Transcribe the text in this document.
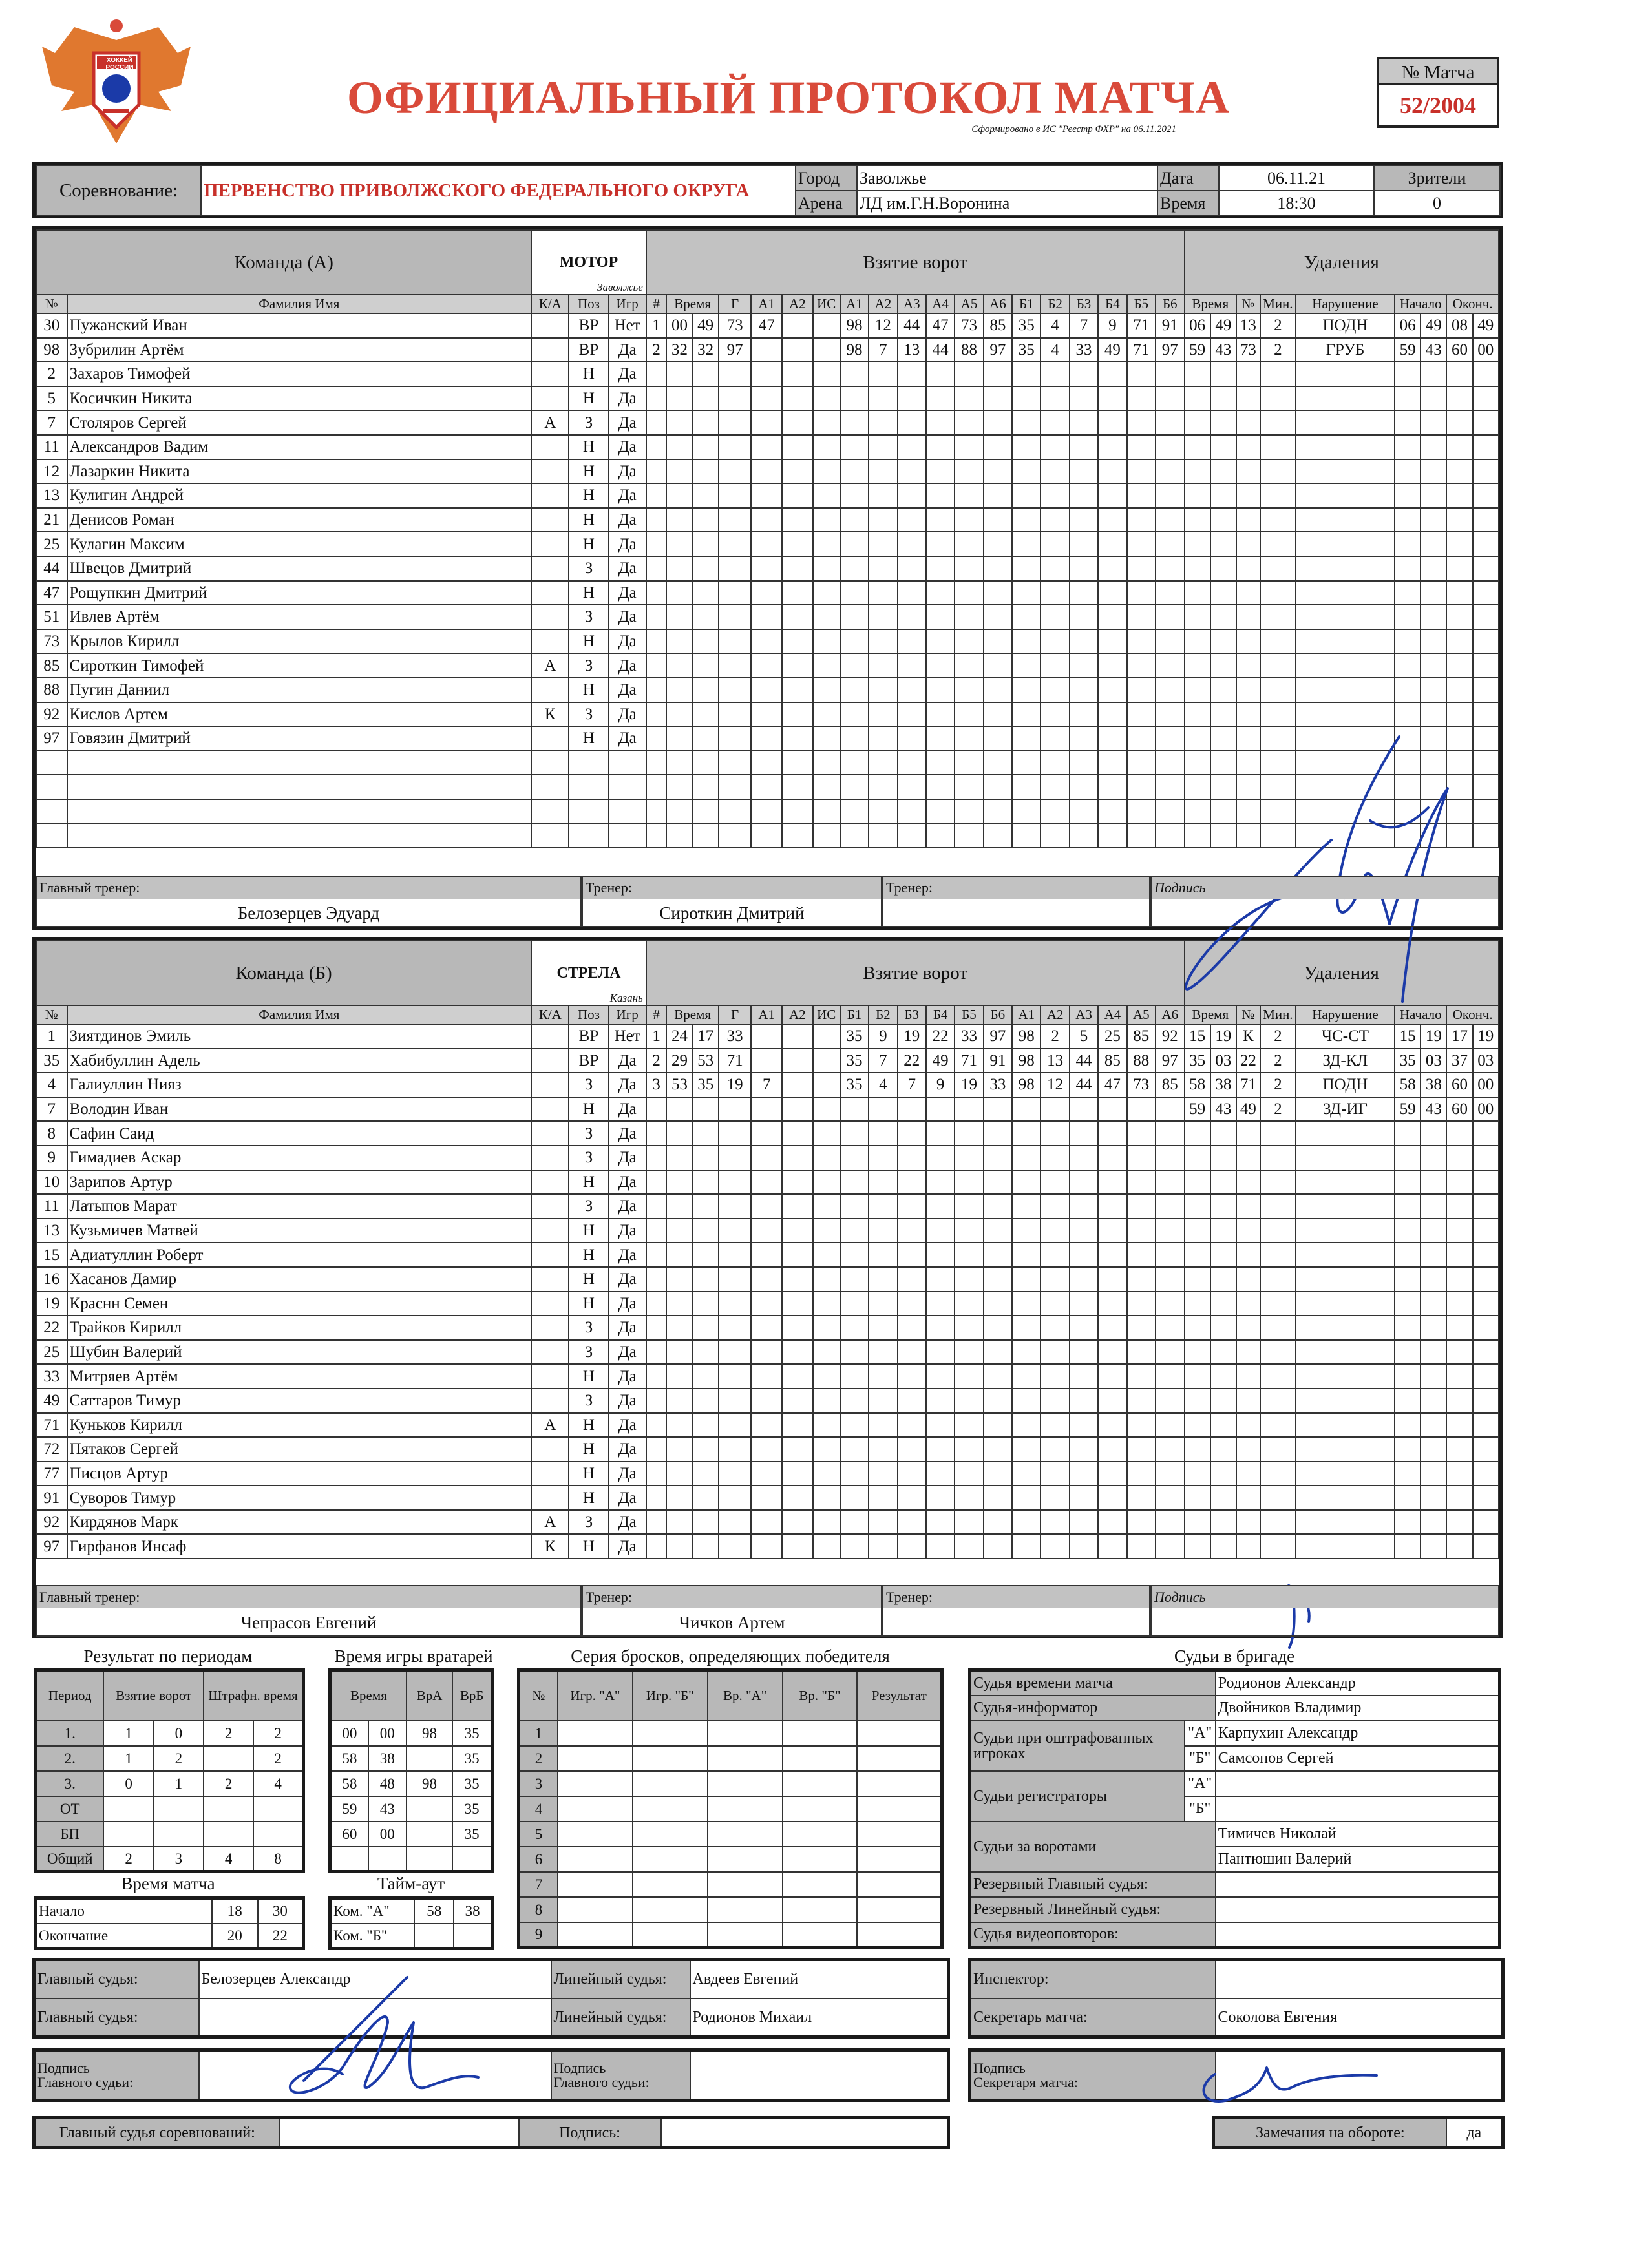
ХОККЕЙ РОССИИ
ОФИЦИАЛЬНЫЙ ПРОТОКОЛ МАТЧА
Сформировано в ИС "Реестр ФХР" на 06.11.2021
№ Матча
52/2004
Соревнование:	ПЕРВЕНСТВО ПРИВОЛЖСКОГО ФЕДЕРАЛЬНОГО ОКРУГА	Город	Заволжье	Дата	06.11.21	Зрители
		Арена	ЛД им.Г.Н.Воронина	Время	18:30	0
Команда (А)		МОТОР
Заволжье			Взятие ворот																			Удаления								
№	Фамилия Имя	К/А	Поз	Игр	#	Время		Г	А1	А2	ИС	А1	А2	А3	А4	А5	А6	Б1	Б2	Б3	Б4	Б5	Б6	Время		№	Мин.	Нарушение	Начало		Оконч.	
30	Пужанский Иван		ВР	Нет	1	00	49	73	47			98	12	44	47	73	85	35	4	7	9	71	91	06	49	13	2	ПОДН	06	49	08	49
98	Зубрилин Артём		ВР	Да	2	32	32	97				98	7	13	44	88	97	35	4	33	49	71	97	59	43	73	2	ГРУБ	59	43	60	00
2	Захаров Тимофей		Н	Да																												
5	Косичкин Никита		Н	Да																												
7	Столяров Сергей	А	З	Да																												
11	Александров Вадим		Н	Да																												
12	Лазаркин Никита		Н	Да																												
13	Кулигин Андрей		Н	Да																												
21	Денисов Роман		Н	Да																												
25	Кулагин Максим		Н	Да																												
44	Швецов Дмитрий		З	Да																												
47	Рощупкин Дмитрий		Н	Да																												
51	Ивлев Артём		З	Да																												
73	Крылов Кирилл		Н	Да																												
85	Сироткин Тимофей	А	З	Да																												
88	Пугин Даниил		Н	Да																												
92	Кислов Артем	К	З	Да																												
97	Говязин Дмитрий		Н	Да																												

Команда (Б)		СТРЕЛА
Казань			Взятие ворот																			Удаления								
№	Фамилия Имя	К/А	Поз	Игр	#	Время		Г	А1	А2	ИС	Б1	Б2	Б3	Б4	Б5	Б6	А1	А2	А3	А4	А5	А6	Время		№	Мин.	Нарушение	Начало		Оконч.	
1	Зиятдинов Эмиль		ВР	Нет	1	24	17	33				35	9	19	22	33	97	98	2	5	25	85	92	15	19	К	2	ЧС-СТ	15	19	17	19
35	Хабибуллин Адель		ВР	Да	2	29	53	71				35	7	22	49	71	91	98	13	44	85	88	97	35	03	22	2	ЗД-КЛ	35	03	37	03
4	Галиуллин Нияз		З	Да	3	53	35	19	7			35	4	7	9	19	33	98	12	44	47	73	85	58	38	71	2	ПОДН	58	38	60	00
7	Володин Иван		Н	Да																				59	43	49	2	ЗД-ИГ	59	43	60	00
8	Сафин Саид		З	Да																												
9	Гимадиев Аскар		З	Да																												
10	Зарипов Артур		Н	Да																												
11	Латыпов Марат		З	Да																												
13	Кузьмичев Матвей		Н	Да																												
15	Адиатуллин Роберт		Н	Да																												
16	Хасанов Дамир		Н	Да																												
19	Краснн Семен		Н	Да																												
22	Трайков Кирилл		З	Да																												
25	Шубин Валерий		З	Да																												
33	Митряев Артём		Н	Да																												
49	Саттаров Тимур		З	Да																												
71	Куньков Кирилл	А	Н	Да																												
72	Пятаков Сергей		Н	Да																												
77	Писцов Артур		Н	Да																												
91	Суворов Тимур		Н	Да																												
92	Кирдянов Марк	А	З	Да																												
97	Гирфанов Инсаф	К	Н	Да																												
Результат по периодам	Время игры вратарей	Серия бросков, определяющих победителя	Судьи в бригаде
Период	Взятие ворот		Штрафн. время	
1.	1	0	2	2
2.	1	2		2
3.	0	1	2	4
ОТ				
БП				
Общий	2	3	4	8
Время		ВрА	ВрБ
00	00	98	35
58	38		35
58	48	98	35
59	43		35
60	00		35

Время матча
Начало	18	30
Окончание	20	22
Тайм-аут
Ком. "А"	58	38
Ком. "Б"		
№	Игр. "А"	Игр. "Б"	Вр. "А"	Вр. "Б"	Результат
1					
2					
3					
4					
5					
6					
7					
8					
9					
Судья времени матча		Родионов Александр
Судья-информатор		Двойников Владимир
Судьи при оштрафованных игроках	"А"	Карпухин Александр
	"Б"	Самсонов Сергей
Судьи регистраторы	"А"	
	"Б"	
Судьи за воротами		Тимичев Николай
		Пантюшин Валерий
Резервный Главный судья:		
Резервный Линейный судья:		
Судья видеоповторов:		
Главный судья:	Белозерцев Александр	Линейный судья:	Авдеев Евгений
Главный судья:		Линейный судья:	Родионов Михаил
Инспектор:	
Секретарь матча:	Соколова Евгения
Подпись
Главного судьи:

Подпись
Главного судьи:

Подпись
Секретаря матча:

Главный судья соревнований:		Подпись:		Замечания на обороте:	да
Главный тренер:
Белозерцев Эдуард
Тренер:
Сироткин Дмитрий
Тренер:	Подпись
Главный тренер:
Чепрасов Евгений
Тренер:
Чичков Артем
Тренер:	Подпись
